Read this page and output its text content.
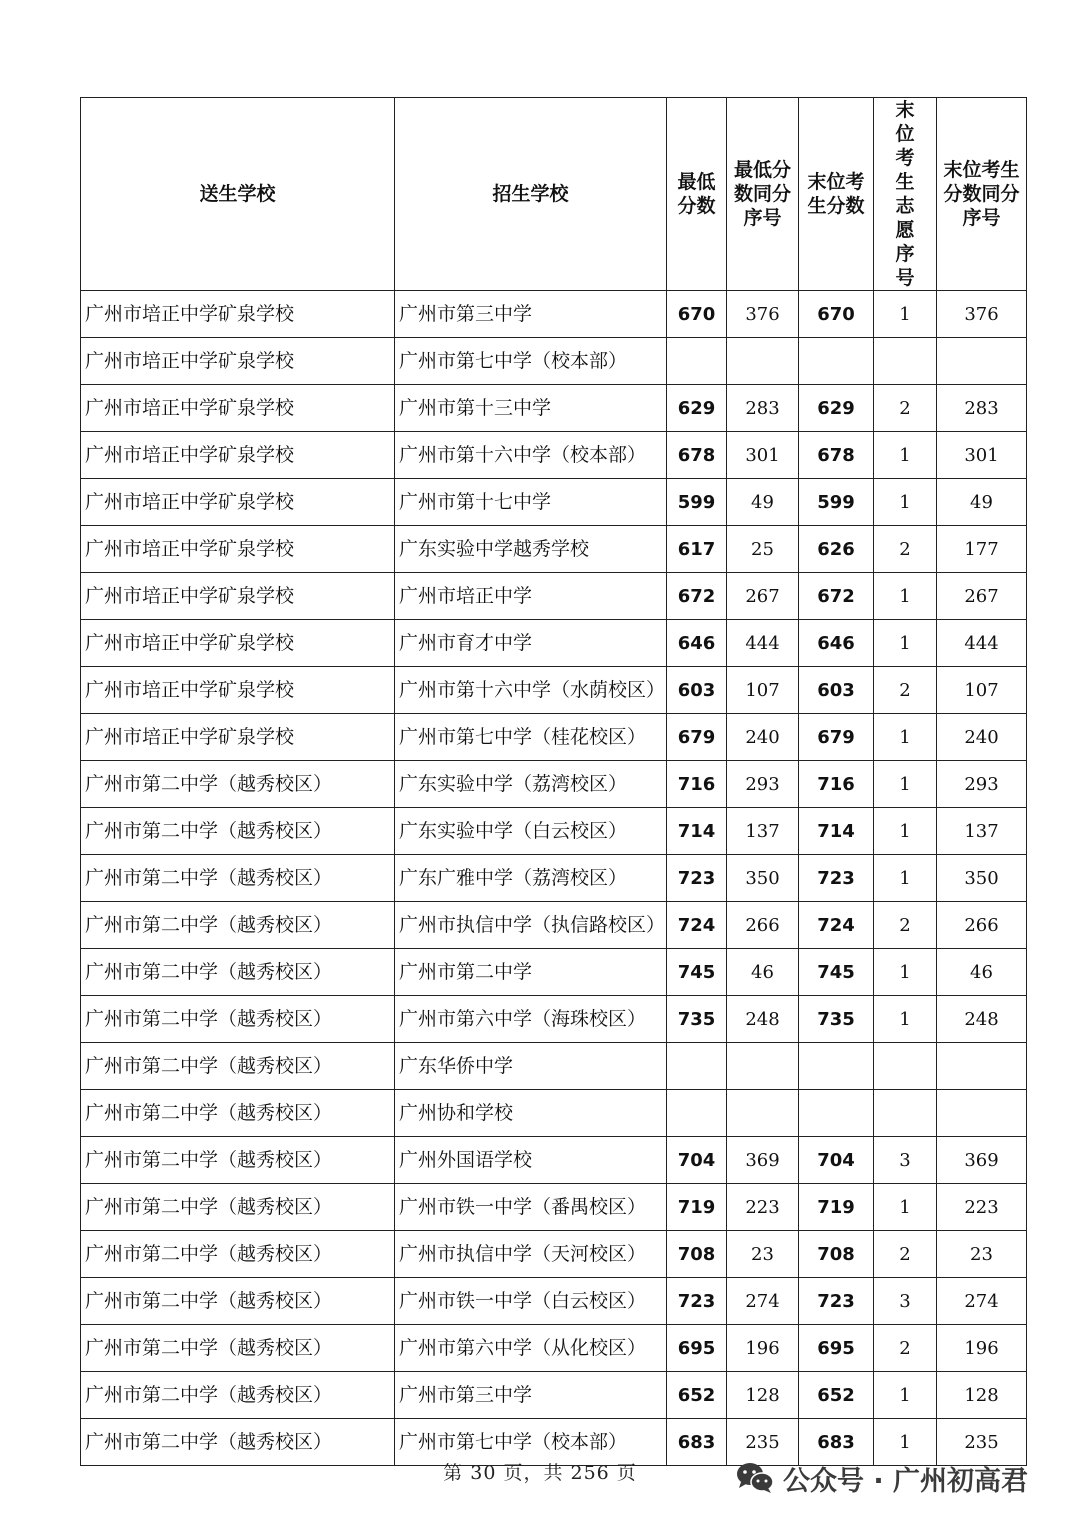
送生学校	招生学校	最低分数	最低分数同分序号	末位考生分数	末位考生志愿序号	末位考生分数同分序号

广州市培正中学矿泉学校	广州市第三中学	670	376	670	1	376
广州市培正中学矿泉学校	广州市第七中学（校本部）					
广州市培正中学矿泉学校	广州市第十三中学	629	283	629	2	283
广州市培正中学矿泉学校	广州市第十六中学（校本部）	678	301	678	1	301
广州市培正中学矿泉学校	广州市第十七中学	599	49	599	1	49
广州市培正中学矿泉学校	广东实验中学越秀学校	617	25	626	2	177
广州市培正中学矿泉学校	广州市培正中学	672	267	672	1	267
广州市培正中学矿泉学校	广州市育才中学	646	444	646	1	444
广州市培正中学矿泉学校	广州市第十六中学（水荫校区）	603	107	603	2	107
广州市培正中学矿泉学校	广州市第七中学（桂花校区）	679	240	679	1	240
广州市第二中学（越秀校区）	广东实验中学（荔湾校区）	716	293	716	1	293
广州市第二中学（越秀校区）	广东实验中学（白云校区）	714	137	714	1	137
广州市第二中学（越秀校区）	广东广雅中学（荔湾校区）	723	350	723	1	350
广州市第二中学（越秀校区）	广州市执信中学（执信路校区）	724	266	724	2	266
广州市第二中学（越秀校区）	广州市第二中学	745	46	745	1	46
广州市第二中学（越秀校区）	广州市第六中学（海珠校区）	735	248	735	1	248
广州市第二中学（越秀校区）	广东华侨中学					
广州市第二中学（越秀校区）	广州协和学校					
广州市第二中学（越秀校区）	广州外国语学校	704	369	704	3	369
广州市第二中学（越秀校区）	广州市铁一中学（番禺校区）	719	223	719	1	223
广州市第二中学（越秀校区）	广州市执信中学（天河校区）	708	23	708	2	23
广州市第二中学（越秀校区）	广州市铁一中学（白云校区）	723	274	723	3	274
广州市第二中学（越秀校区）	广州市第六中学（从化校区）	695	196	695	2	196
广州市第二中学（越秀校区）	广州市第三中学	652	128	652	1	128
广州市第二中学（越秀校区）	广州市第七中学（校本部）	683	235	683	1	235
第 30 页，共 256 页	公众号 · 广州初高君
